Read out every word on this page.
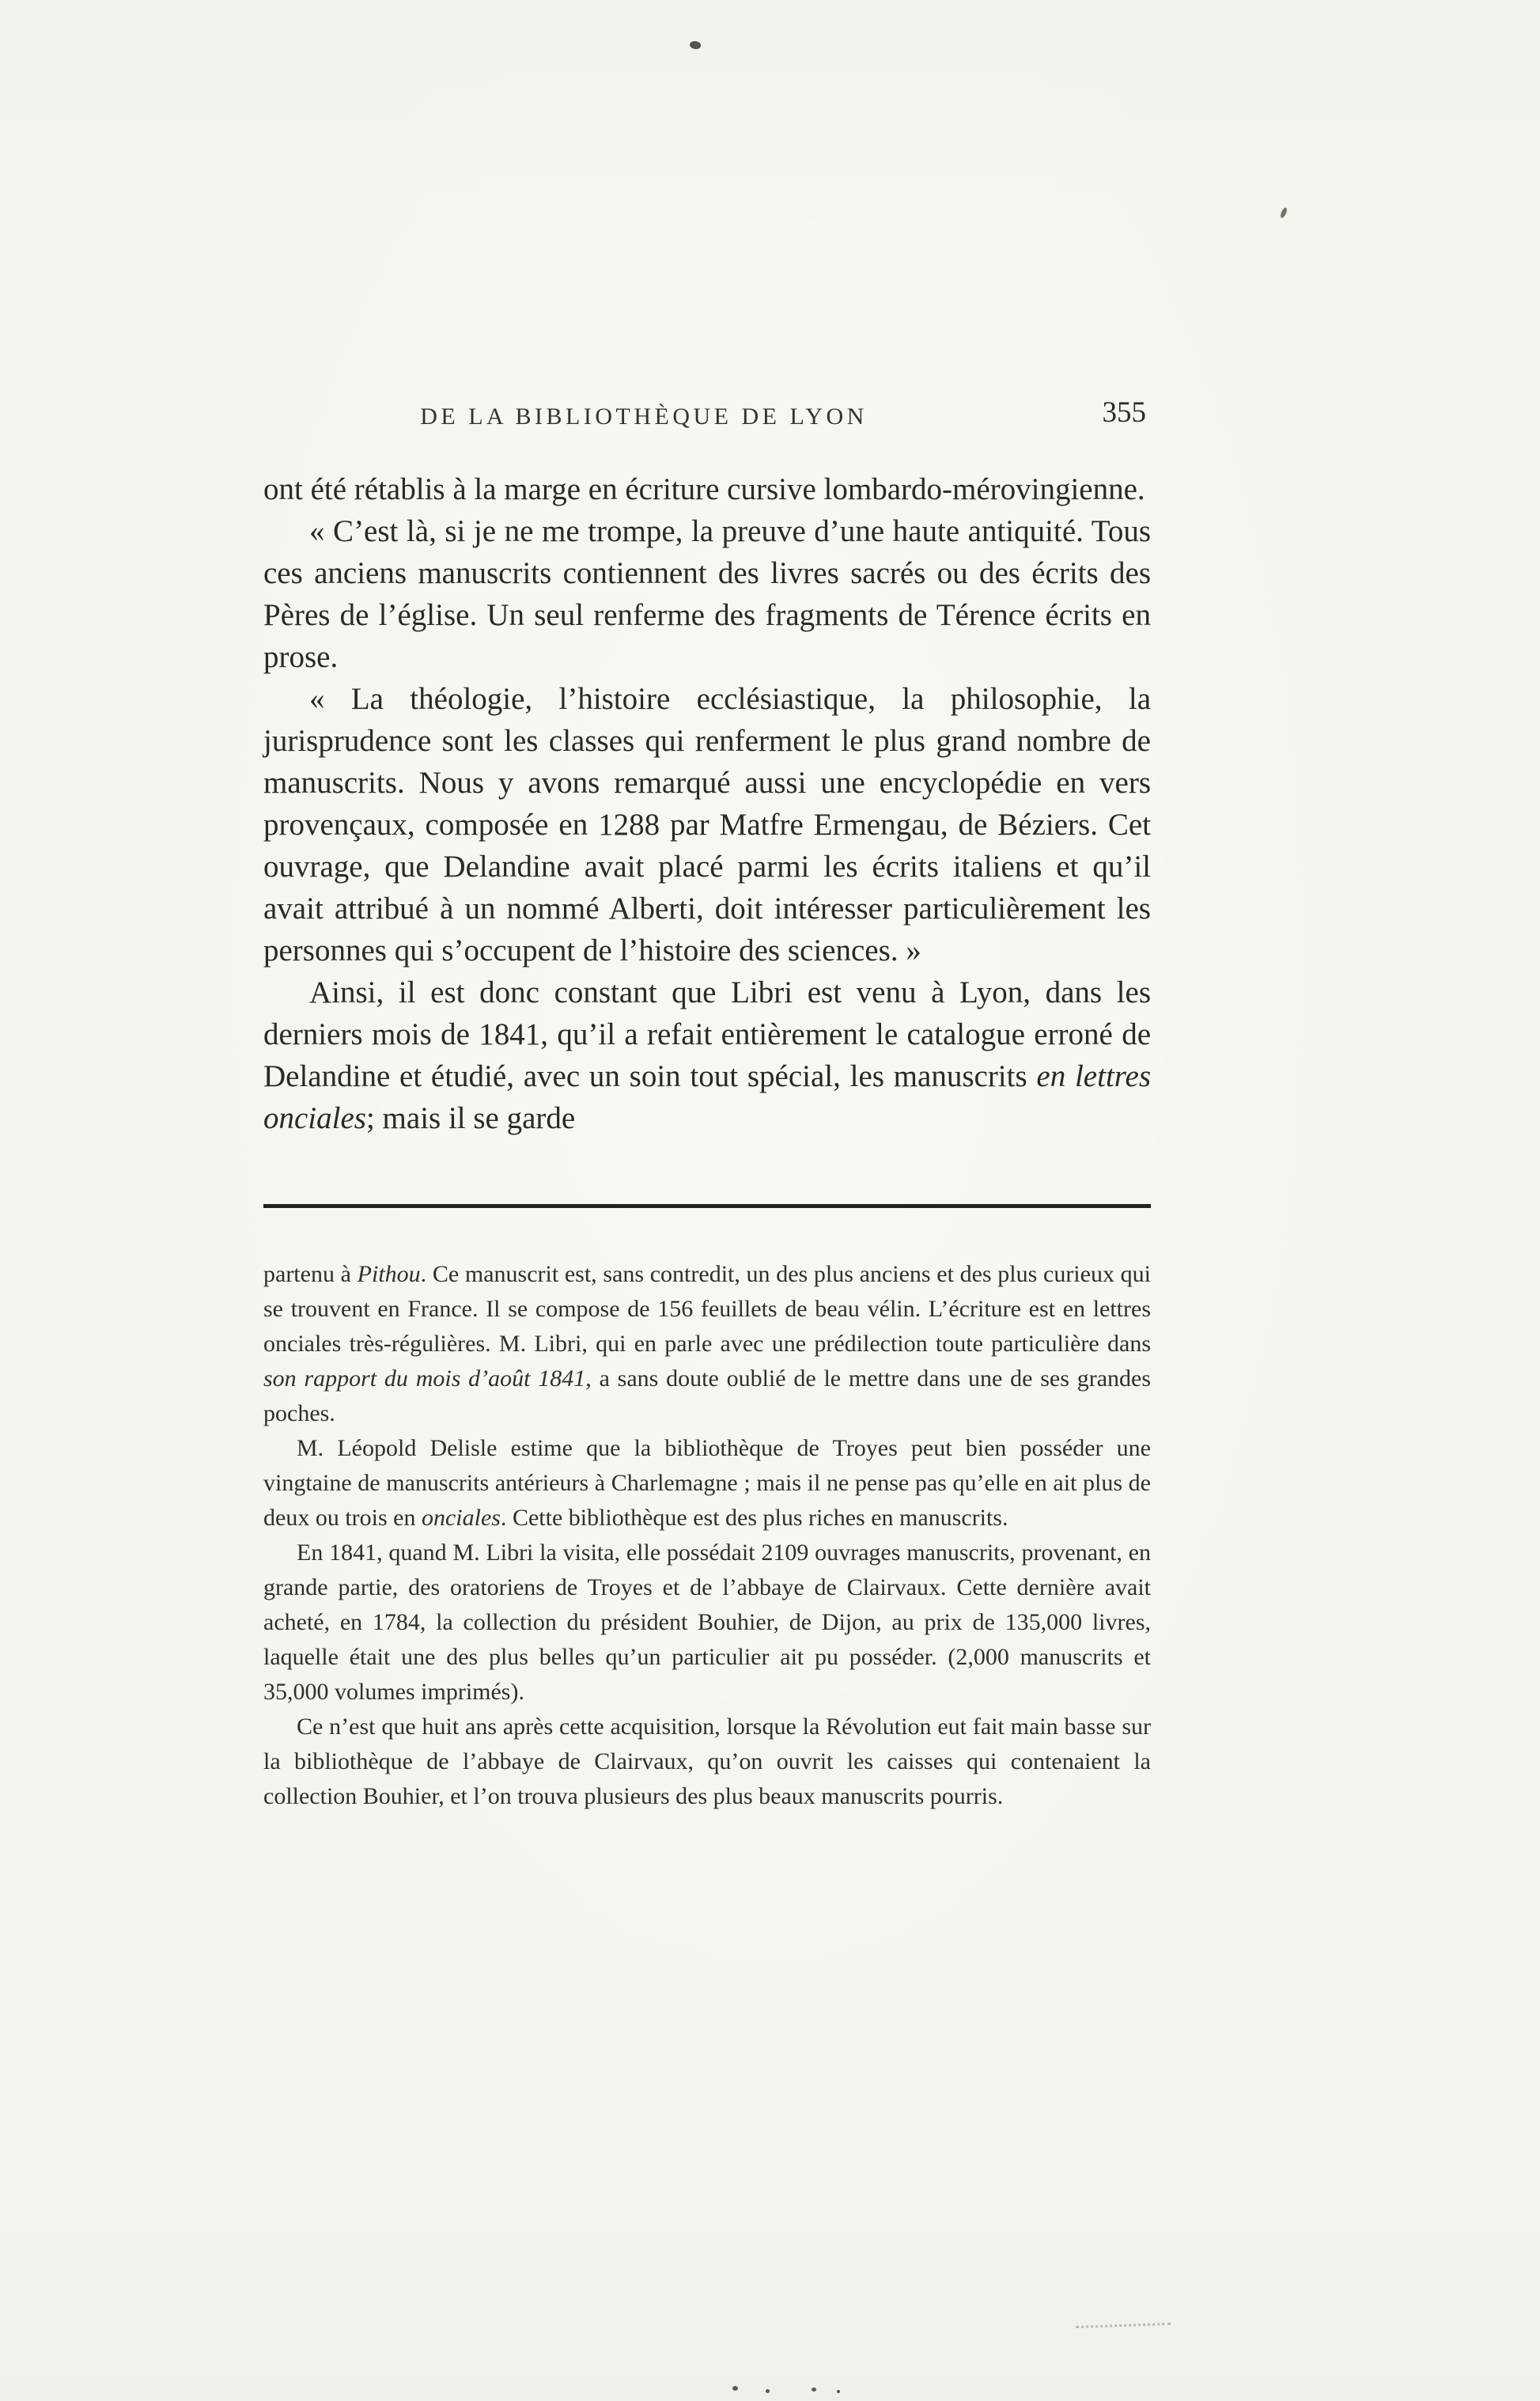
DE LA BIBLIOTHÈQUE DE LYON	355

ont été rétablis à la marge en écriture cursive lombardo-mérovingienne.

« C’est là, si je ne me trompe, la preuve d’une haute antiquité. Tous ces anciens manuscrits contiennent des livres sacrés ou des écrits des Pères de l’église. Un seul renferme des fragments de Térence écrits en prose.

« La théologie, l’histoire ecclésiastique, la philosophie, la jurisprudence sont les classes qui renferment le plus grand nombre de manuscrits. Nous y avons remarqué aussi une encyclopédie en vers provençaux, composée en 1288 par Matfre Ermengau, de Béziers. Cet ouvrage, que Delandine avait placé parmi les écrits italiens et qu’il avait attribué à un nommé Alberti, doit intéresser particulièrement les personnes qui s’occupent de l’histoire des sciences. »

Ainsi, il est donc constant que Libri est venu à Lyon, dans les derniers mois de 1841, qu’il a refait entièrement le catalogue erroné de Delandine et étudié, avec un soin tout spécial, les manuscrits en lettres onciales; mais il se garde

partenu à Pithou. Ce manuscrit est, sans contredit, un des plus anciens et des plus curieux qui se trouvent en France. Il se compose de 156 feuillets de beau vélin. L’écriture est en lettres onciales très-régulières. M. Libri, qui en parle avec une prédilection toute particulière dans son rapport du mois d’août 1841, a sans doute oublié de le mettre dans une de ses grandes poches.

M. Léopold Delisle estime que la bibliothèque de Troyes peut bien posséder une vingtaine de manuscrits antérieurs à Charlemagne ; mais il ne pense pas qu’elle en ait plus de deux ou trois en onciales. Cette bibliothèque est des plus riches en manuscrits.

En 1841, quand M. Libri la visita, elle possédait 2109 ouvrages manuscrits, provenant, en grande partie, des oratoriens de Troyes et de l’abbaye de Clairvaux. Cette dernière avait acheté, en 1784, la collection du président Bouhier, de Dijon, au prix de 135,000 livres, laquelle était une des plus belles qu’un particulier ait pu posséder. (2,000 manuscrits et 35,000 volumes imprimés).

Ce n’est que huit ans après cette acquisition, lorsque la Révolution eut fait main basse sur la bibliothèque de l’abbaye de Clairvaux, qu’on ouvrit les caisses qui contenaient la collection Bouhier, et l’on trouva plusieurs des plus beaux manuscrits pourris.
